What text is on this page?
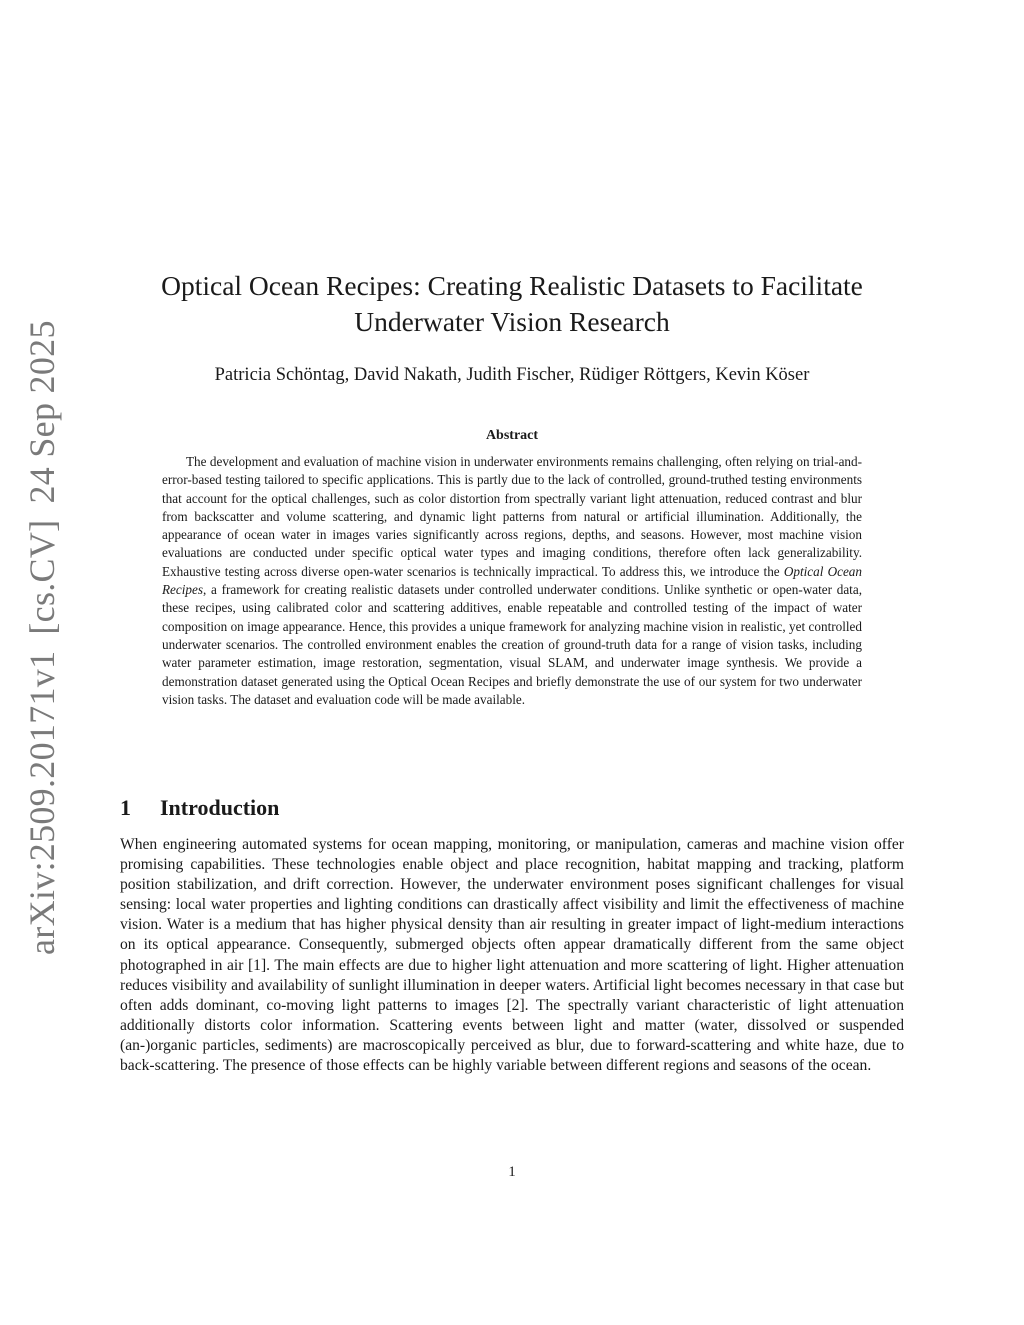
arXiv:2509.20171v1[cs.CV]24 Sep 2025
Optical Ocean Recipes: Creating Realistic Datasets to Facilitate
Underwater Vision Research
Patricia Schöntag, David Nakath, Judith Fischer, Rüdiger Röttgers, Kevin Köser
Abstract
The development and evaluation of machine vision in underwater environments remains challenging, often relying on trial-and-error-based testing tailored to specific applications. This is partly due to the lack of controlled, ground-truthed testing environments that account for the optical challenges, such as color distortion from spectrally variant light attenuation, reduced contrast and blur from backscatter and volume scattering, and dynamic light patterns from natural or artificial illumination. Additionally, the appearance of ocean water in images varies significantly across regions, depths, and seasons. However, most machine vision evaluations are conducted under specific optical water types and imaging conditions, therefore often lack generalizability. Exhaustive testing across diverse open-water scenarios is technically impractical. To address this, we introduce the Optical Ocean Recipes, a framework for creating realistic datasets under controlled underwater conditions. Unlike synthetic or open-water data, these recipes, using calibrated color and scattering additives, enable repeatable and controlled testing of the impact of water composition on image appearance. Hence, this provides a unique framework for analyzing machine vision in realistic, yet controlled underwater scenarios. The controlled environment enables the creation of ground-truth data for a range of vision tasks, including water parameter estimation, image restoration, segmentation, visual SLAM, and underwater image synthesis. We provide a demonstration dataset generated using the Optical Ocean Recipes and briefly demonstrate the use of our system for two underwater vision tasks. The dataset and evaluation code will be made available.
1 Introduction
When engineering automated systems for ocean mapping, monitoring, or manipulation, cameras and machine vision offer promising capabilities. These technologies enable object and place recognition, habitat mapping and tracking, platform position stabilization, and drift correction. However, the underwater environment poses significant challenges for visual sensing: local water properties and lighting conditions can drastically affect visibility and limit the effectiveness of machine vision. Water is a medium that has higher physical density than air resulting in greater impact of light-medium interactions on its optical appearance. Consequently, submerged objects often appear dramatically different from the same object photographed in air [1]. The main effects are due to higher light attenuation and more scattering of light. Higher attenuation reduces visibility and availability of sunlight illumination in deeper waters. Artificial light becomes necessary in that case but often adds dominant, co-moving light patterns to images [2]. The spectrally variant characteristic of light attenuation additionally distorts color information. Scattering events between light and matter (water, dissolved or suspended (an-)organic particles, sediments) are macroscopically perceived as blur, due to forward-scattering and white haze, due to back-scattering. The presence of those effects can be highly variable between different regions and seasons of the ocean.
1
